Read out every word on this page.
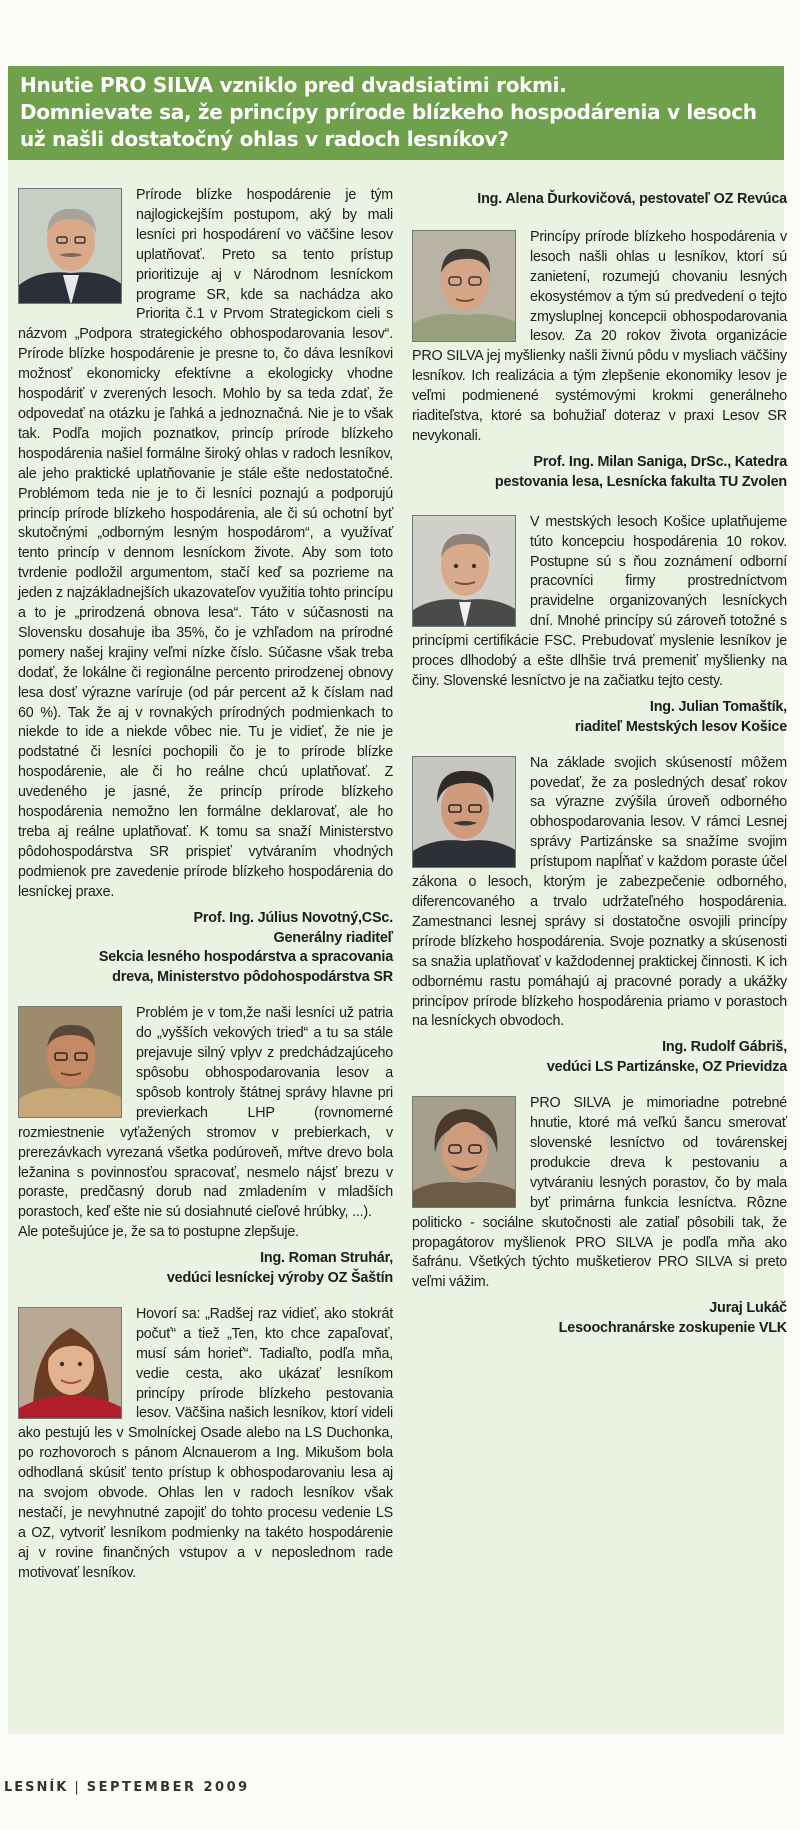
Hnutie PRO SILVA vzniklo pred dvadsiatimi rokmi.
Domnievate sa, že princípy prírode blízkeho hospodárenia v lesoch
už našli dostatočný ohlas v radoch lesníkov?

Prírode blízke hospodárenie je tým najlogickejším postupom, aký by mali lesníci pri hospodárení vo väčšine lesov uplatňovať. Preto sa tento prístup prioritizuje aj v Národnom lesníckom programe SR, kde sa nachádza ako Priorita č.1 v Prvom Strategickom cieli s názvom „Podpora strategického obhospodarovania lesov“. Prírode blízke hospodárenie je presne to, čo dáva lesníkovi možnosť ekonomicky efektívne a ekologicky vhodne hospodáriť v zverených lesoch. Mohlo by sa teda zdať, že odpovedať na otázku je ľahká a jednoznačná. Nie je to však tak. Podľa mojich poznatkov, princíp prírode blízkeho hospodárenia našiel formálne široký ohlas v radoch lesníkov, ale jeho praktické uplatňovanie je stále ešte nedostatočné. Problémom teda nie je to či lesníci poznajú a podporujú princíp prírode blízkeho hospodárenia, ale či sú ochotní byť skutočnými „odborným lesným hospodárom“, a využívať tento princíp v dennom lesníckom živote. Aby som toto tvrdenie podložil argumentom, stačí keď sa pozrieme na jeden z najzákladnejších ukazovateľov využitia tohto princípu a to je „prirodzená obnova lesa“. Táto v súčasnosti na Slovensku dosahuje iba 35%, čo je vzhľadom na prírodné pomery našej krajiny veľmi nízke číslo. Súčasne však treba dodať, že lokálne či regionálne percento prirodzenej obnovy lesa dosť výrazne varíruje (od pár percent až k číslam nad 60 %). Tak že aj v rovnakých prírodných podmienkach to niekde to ide a niekde vôbec nie. Tu je vidieť, že nie je podstatné či lesníci pochopili čo je to prírode blízke hospodárenie, ale či ho reálne chcú uplatňovať. Z uvedeného je jasné, že princíp prírode blízkeho hospodárenia nemožno len formálne deklarovať, ale ho treba aj reálne uplatňovať. K tomu sa snaží Ministerstvo pôdohospodárstva SR prispieť vytváraním vhodných podmienok pre zavedenie prírode blízkeho hospodárenia do lesníckej praxe.

Prof. Ing. Július Novotný,CSc.
Generálny riaditeľ
Sekcia lesného hospodárstva a spracovania
dreva, Ministerstvo pôdohospodárstva SR

Problém je v tom,že naši lesníci už patria do „vyšších vekových tried“ a tu sa stále prejavuje silný vplyv z predchádzajúceho spôsobu obhospodarovania lesov a spôsob kontroly štátnej správy hlavne pri previerkach LHP (rovnomerné rozmiestnenie vyťažených stromov v prebierkach, v prerezávkach vyrezaná všetka podúroveň, mŕtve drevo bola ležanina s povinnosťou spracovať, nesmelo nájsť brezu v poraste, predčasný dorub nad zmladením v mladších porastoch, keď ešte nie sú dosiahnuté cieľové hrúbky, ...).

Ale potešujúce je, že sa to postupne zlepšuje.

Ing. Roman Struhár,
vedúci lesníckej výroby OZ Šaštín

Hovorí sa: „Radšej raz vidieť, ako stokrát počuť“ a tiež „Ten, kto chce zapaľovať, musí sám horieť“. Tadiaľto, podľa mňa, vedie cesta, ako ukázať lesníkom princípy prírode blízkeho pestovania lesov. Väčšina našich lesníkov, ktorí videli ako pestujú les v Smolníckej Osade alebo na LS Duchonka, po rozhovoroch s pánom Alcnauerom a Ing. Mikušom bola odhodlaná skúsiť tento prístup k obhospodarovaniu lesa aj na svojom obvode. Ohlas len v radoch lesníkov však nestačí, je nevyhnutné zapojiť do tohto procesu vedenie LS a OZ, vytvoriť lesníkom podmienky na takéto hospodárenie aj v rovine finančných vstupov a v neposlednom rade motivovať lesníkov.

Ing. Alena Ďurkovičová, pestovateľ OZ Revúca

Princípy prírode blízkeho hospodárenia v lesoch našli ohlas u lesníkov, ktorí sú zanietení, rozumejú chovaniu lesných ekosystémov a tým sú predvedení o tejto zmysluplnej koncepcii obhospodarovania lesov. Za 20 rokov života organizácie PRO SILVA jej myšlienky našli živnú pôdu v mysliach väčšiny lesníkov. Ich realizácia a tým zlepšenie ekonomiky lesov je veľmi podmienené systémovými krokmi generálneho riaditeľstva, ktoré sa bohužiaľ doteraz v praxi Lesov SR nevykonali.

Prof. Ing. Milan Saniga, DrSc., Katedra
pestovania lesa, Lesnícka fakulta TU Zvolen

V mestských lesoch Košice uplatňujeme túto koncepciu hospodárenia 10 rokov. Postupne sú s ňou zoznámení odborní pracovníci firmy prostredníctvom pravidelne organizovaných lesníckych dní. Mnohé princípy sú zároveň totožné s princípmi certifikácie FSC. Prebudovať myslenie lesníkov je proces dlhodobý a ešte dlhšie trvá premeniť myšlienky na činy. Slovenské lesníctvo je na začiatku tejto cesty.

Ing. Julian Tomaštík,
riaditeľ Mestských lesov Košice

Na základe svojich skúseností môžem povedať, že za posledných desať rokov sa výrazne zvýšila úroveň odborného obhospodarovania lesov. V rámci Lesnej správy Partizánske sa snažíme svojim prístupom napĺňať v každom poraste účel zákona o lesoch, ktorým je zabezpečenie odborného, diferencovaného a trvalo udržateľného hospodárenia. Zamestnanci lesnej správy si dostatočne osvojili princípy prírode blízkeho hospodárenia. Svoje poznatky a skúsenosti sa snažia uplatňovať v každodennej praktickej činnosti. K ich odbornému rastu pomáhajú aj pracovné porady a ukážky princípov prírode blízkeho hospodárenia priamo v porastoch na lesníckych obvodoch.

Ing. Rudolf Gábriš,
vedúci LS Partizánske, OZ Prievidza

PRO SILVA je mimoriadne potrebné hnutie, ktoré má veľkú šancu smerovať slovenské lesníctvo od továrenskej produkcie dreva k pestovaniu a vytváraniu lesných porastov, čo by mala byť primárna funkcia lesníctva. Rôzne politicko - sociálne skutočnosti ale zatiaľ pôsobili tak, že propagátorov myšlienok PRO SILVA je podľa mňa ako šafránu. Všetkých týchto mušketierov PRO SILVA si preto veľmi vážim.

Juraj Lukáč
Lesoochranárske zoskupenie VLK
LESNÍK | SEPTEMBER 2009
